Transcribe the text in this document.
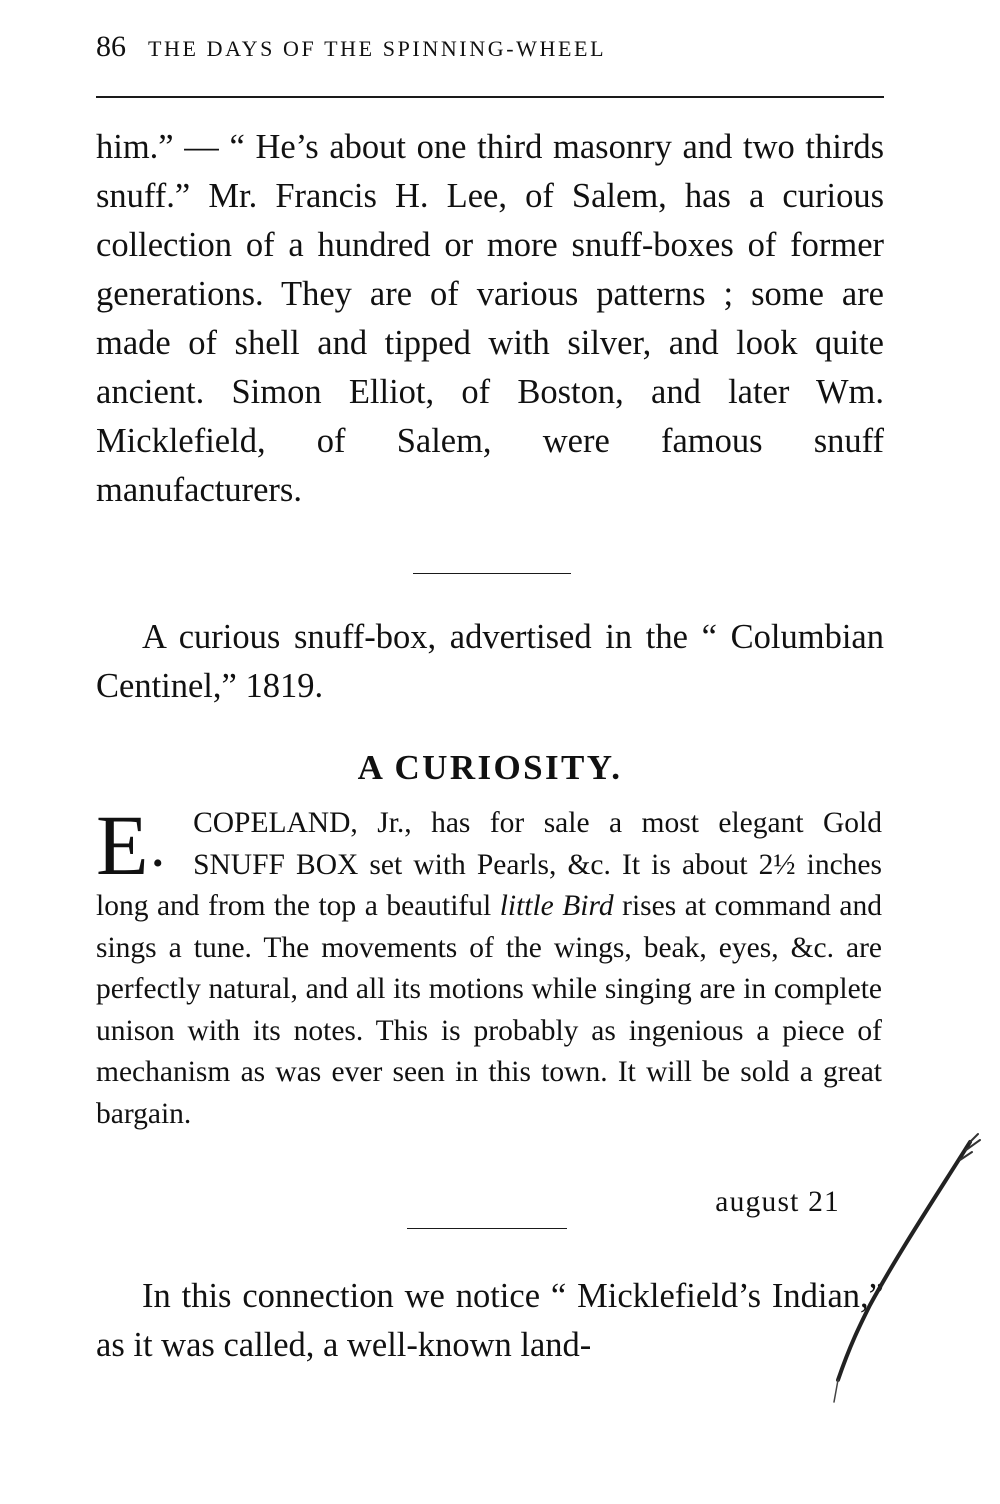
86 THE DAYS OF THE SPINNING-WHEEL

him.” — “ He’s about one third masonry and two thirds snuff.” Mr. Francis H. Lee, of Salem, has a curious collection of a hundred or more snuff-boxes of former generations. They are of various patterns ; some are made of shell and tipped with silver, and look quite ancient. Simon Elliot, of Boston, and later Wm. Micklefield, of Salem, were famous snuff manufacturers.

A curious snuff-box, advertised in the “ Columbian Centinel,” 1819.

A CURIOSITY.
E •
COPELAND, Jr., has for sale a most elegant Gold SNUFF BOX set with Pearls, &c. It is about 2½ inches long and from the top a beautiful little Bird rises at command and sings a tune. The movements of the wings, beak, eyes, &c. are perfectly natural, and all its motions while singing are in complete unison with its notes. This is probably as ingenious a piece of mechanism as was ever seen in this town. It will be sold a great bargain.

august 21

In this connection we notice “ Micklefield’s Indian,” as it was called, a well-known land-
